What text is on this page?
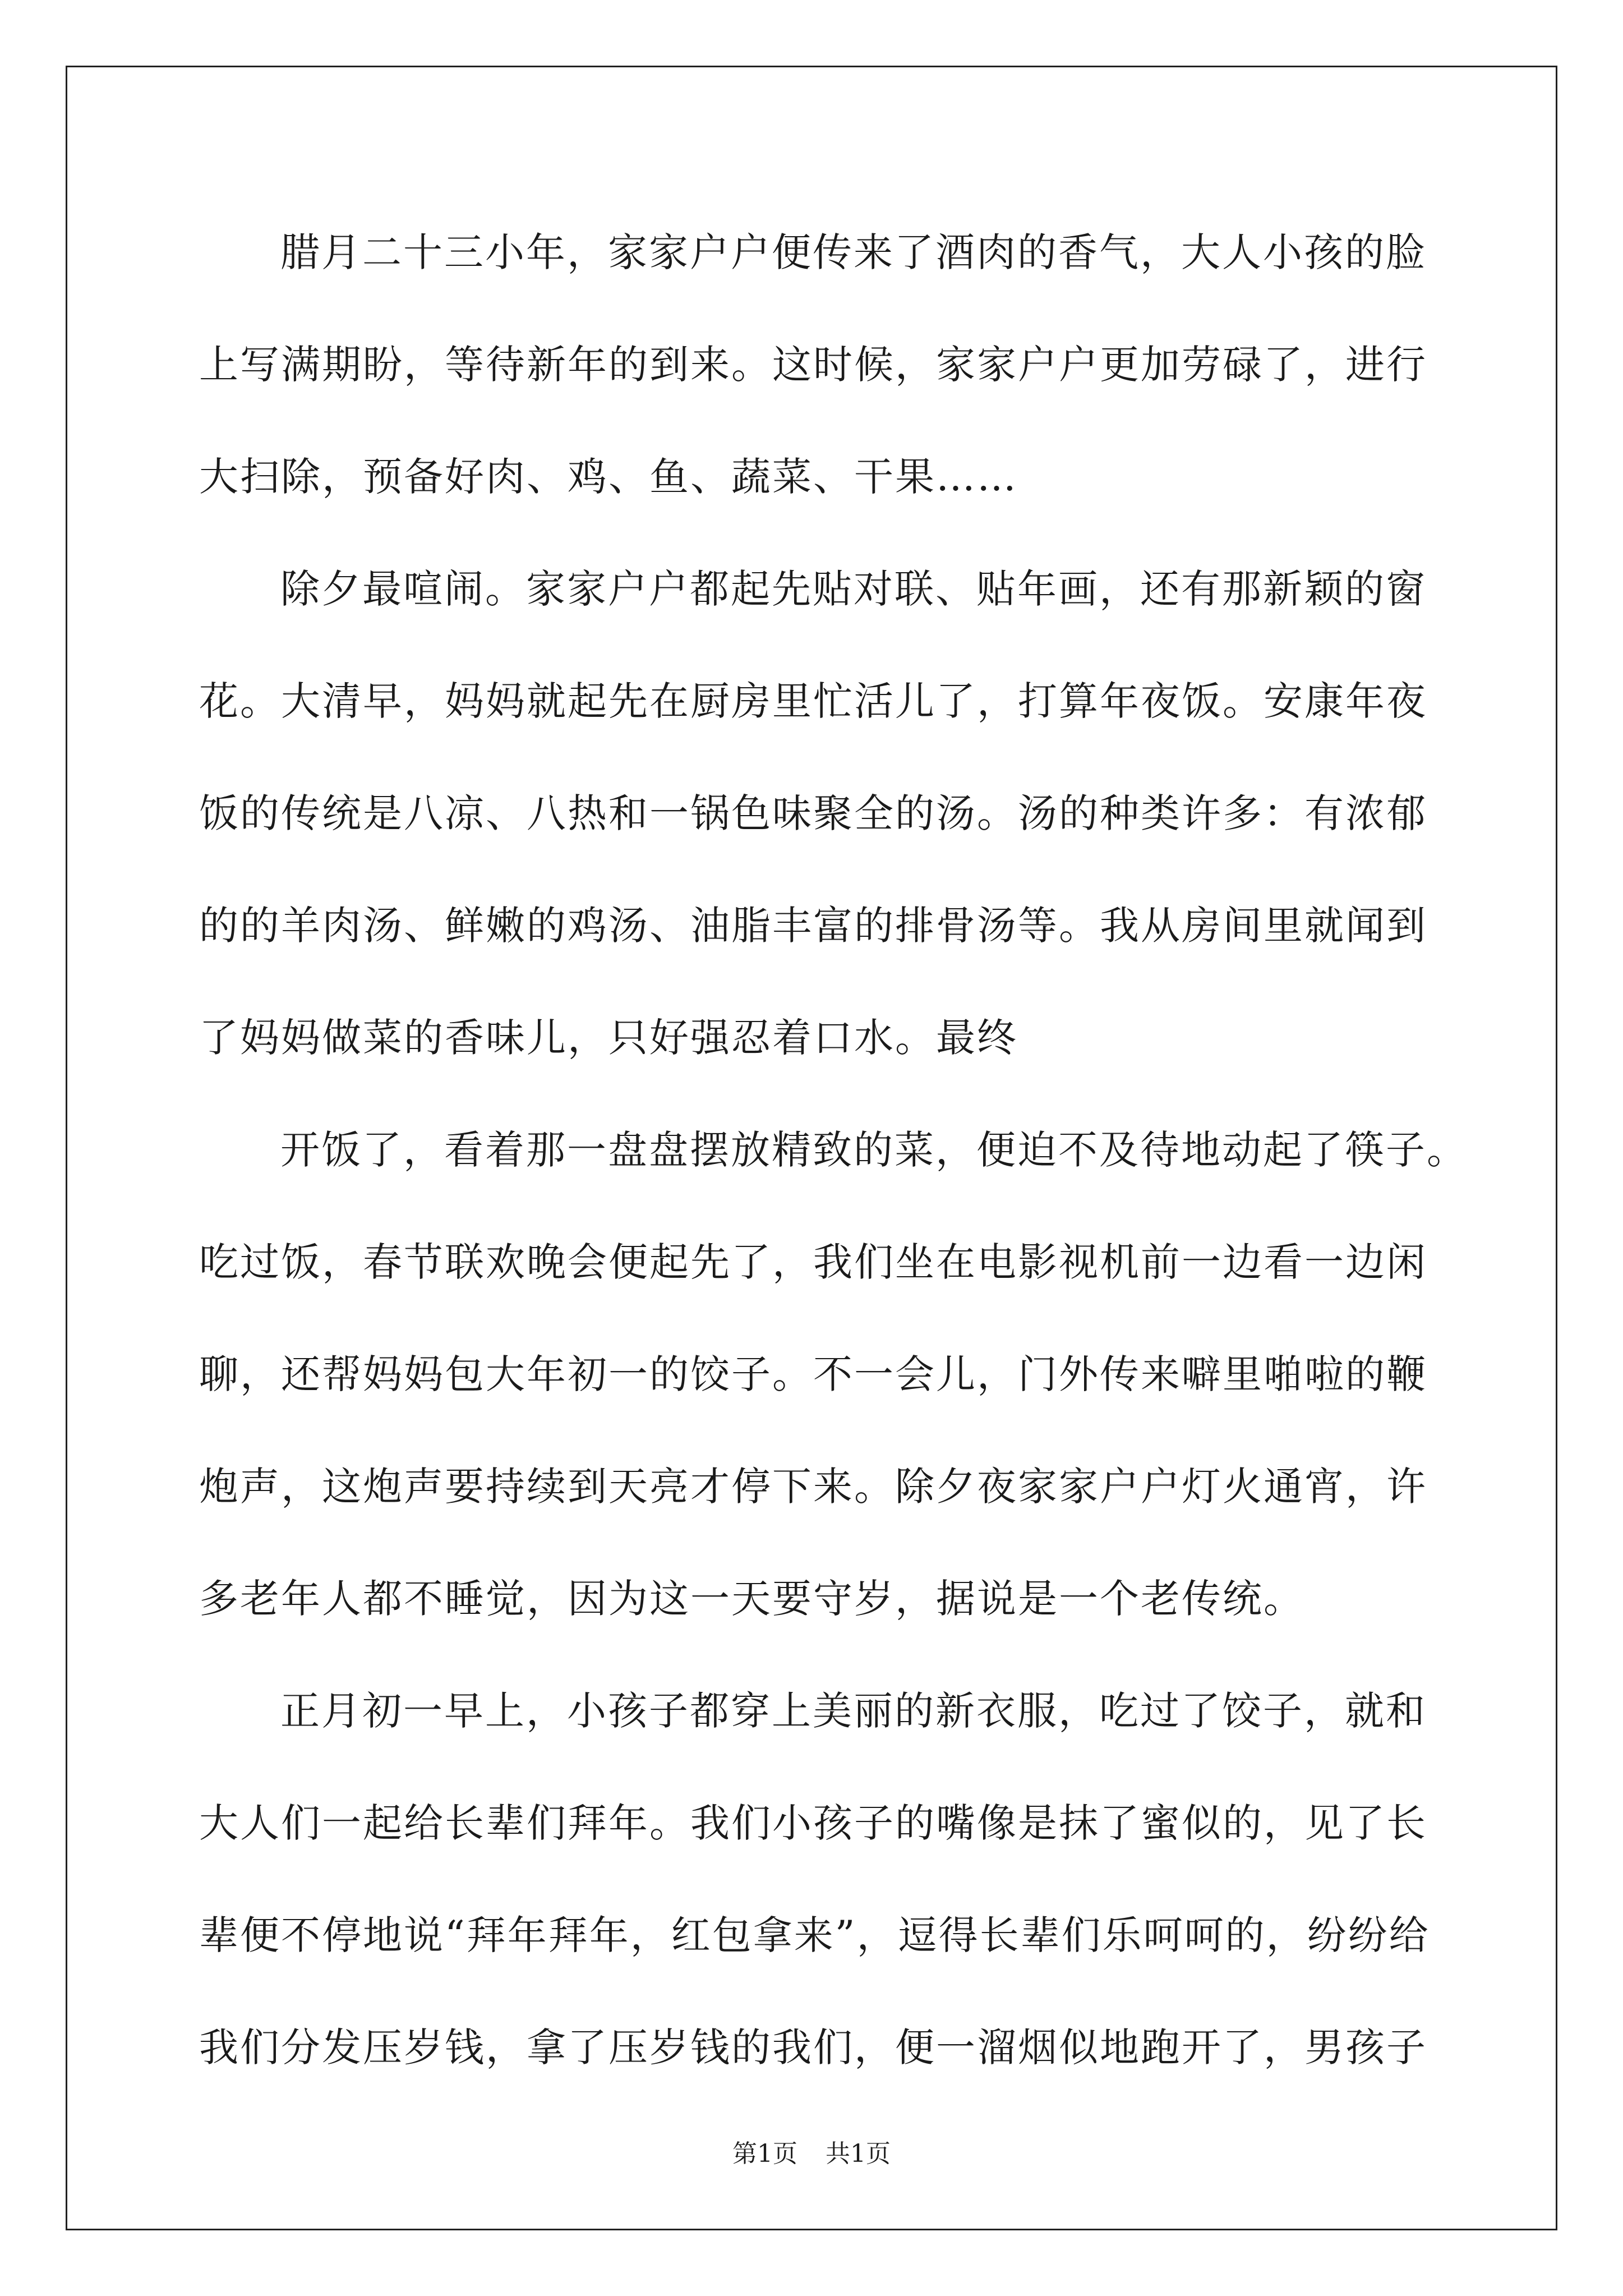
腊月二十三小年，家家户户便传来了酒肉的香气，大人小孩的脸
上写满期盼，等待新年的到来。这时候，家家户户更加劳碌了，进行
大扫除，预备好肉、鸡、鱼、蔬菜、干果……
除夕最喧闹。家家户户都起先贴对联、贴年画，还有那新颖的窗
花。大清早，妈妈就起先在厨房里忙活儿了，打算年夜饭。安康年夜
饭的传统是八凉、八热和一锅色味聚全的汤。汤的种类许多：有浓郁
的的羊肉汤、鲜嫩的鸡汤、油脂丰富的排骨汤等。我从房间里就闻到
了妈妈做菜的香味儿，只好强忍着口水。最终
开饭了，看着那一盘盘摆放精致的菜，便迫不及待地动起了筷子。
吃过饭，春节联欢晚会便起先了，我们坐在电影视机前一边看一边闲
聊，还帮妈妈包大年初一的饺子。不一会儿，门外传来噼里啪啦的鞭
炮声，这炮声要持续到天亮才停下来。除夕夜家家户户灯火通宵，许
多老年人都不睡觉，因为这一天要守岁，据说是一个老传统。
正月初一早上，小孩子都穿上美丽的新衣服，吃过了饺子，就和
大人们一起给长辈们拜年。我们小孩子的嘴像是抹了蜜似的，见了长
辈便不停地说“拜年拜年，红包拿来”，逗得长辈们乐呵呵的，纷纷给
我们分发压岁钱，拿了压岁钱的我们，便一溜烟似地跑开了，男孩子
第1页 共1页
